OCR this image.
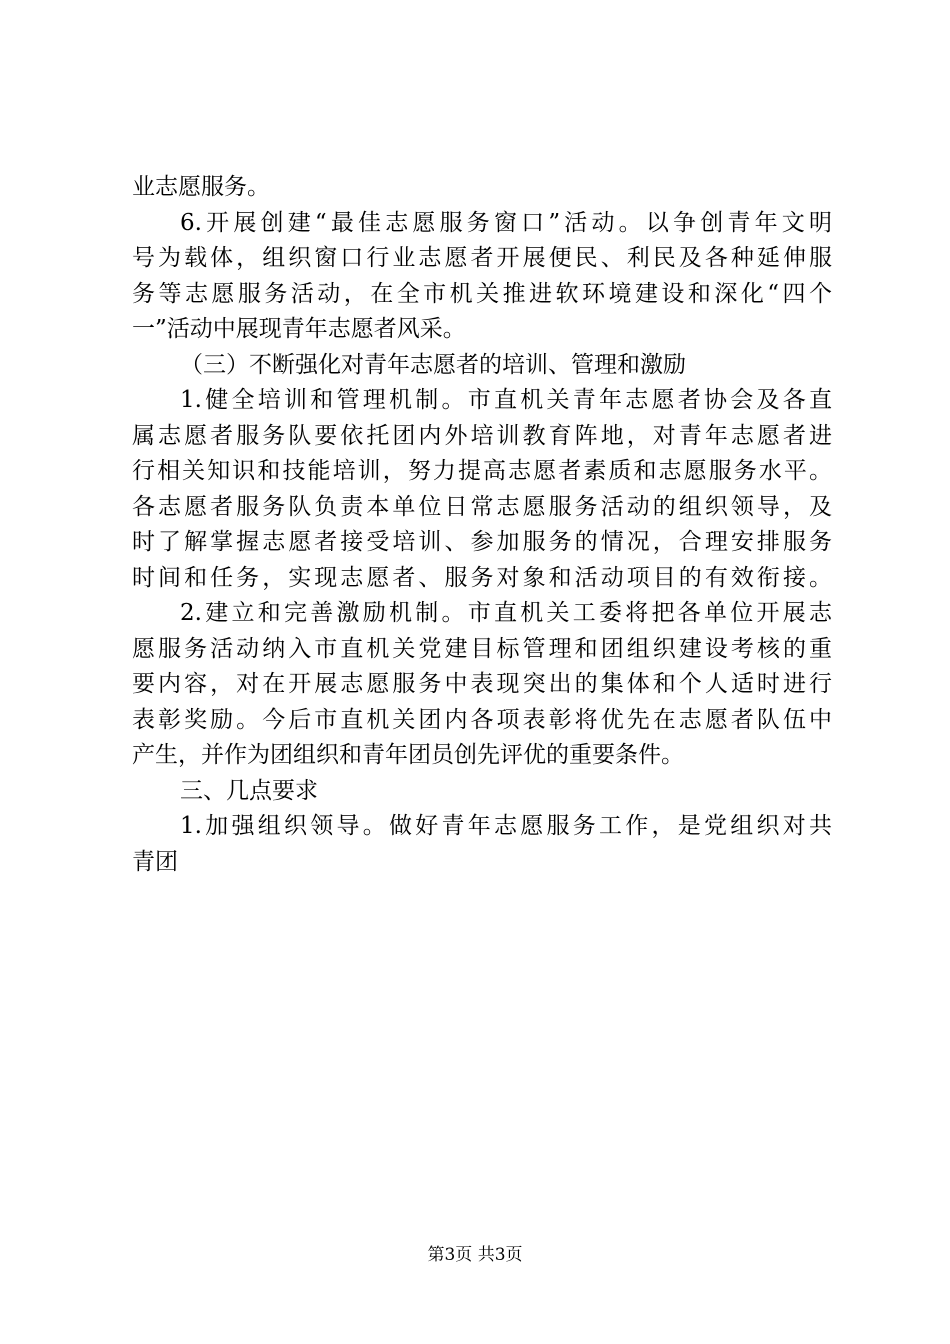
业志愿服务。
6.开展创建“最佳志愿服务窗口”活动。以争创青年文明
号为载体，组织窗口行业志愿者开展便民、利民及各种延伸服
务等志愿服务活动，在全市机关推进软环境建设和深化“四个
一”活动中展现青年志愿者风采。
（三）不断强化对青年志愿者的培训、管理和激励
1.健全培训和管理机制。市直机关青年志愿者协会及各直
属志愿者服务队要依托团内外培训教育阵地，对青年志愿者进
行相关知识和技能培训，努力提高志愿者素质和志愿服务水平。
各志愿者服务队负责本单位日常志愿服务活动的组织领导，及
时了解掌握志愿者接受培训、参加服务的情况，合理安排服务
时间和任务，实现志愿者、服务对象和活动项目的有效衔接。
2.建立和完善激励机制。市直机关工委将把各单位开展志
愿服务活动纳入市直机关党建目标管理和团组织建设考核的重
要内容，对在开展志愿服务中表现突出的集体和个人适时进行
表彰奖励。今后市直机关团内各项表彰将优先在志愿者队伍中
产生，并作为团组织和青年团员创先评优的重要条件。
三、几点要求
1.加强组织领导。做好青年志愿服务工作，是党组织对共
青团
第3页 共3页
